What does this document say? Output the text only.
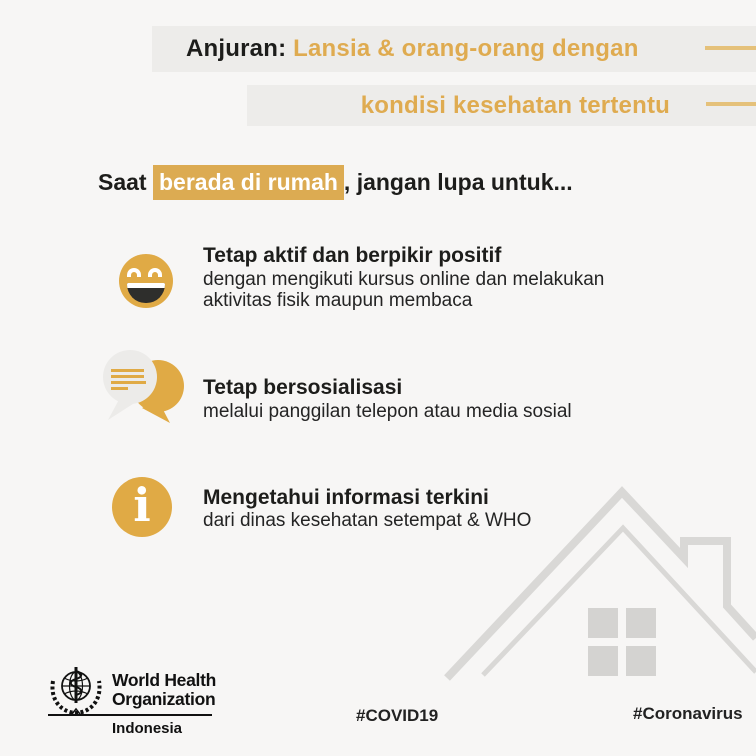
Anjuran: Lansia & orang-orang dengan
kondisi kesehatan tertentu
Saat berada di rumah , jangan lupa untuk...
Tetap aktif dan berpikir positif
dengan mengikuti kursus online dan melakukan aktivitas fisik maupun membaca
Tetap bersosialisasi
melalui panggilan telepon atau media sosial
i Mengetahui informasi terkini
dari dinas kesehatan setempat & WHO
World Health
Organization
Indonesia
#COVID19	#Coronavirus
